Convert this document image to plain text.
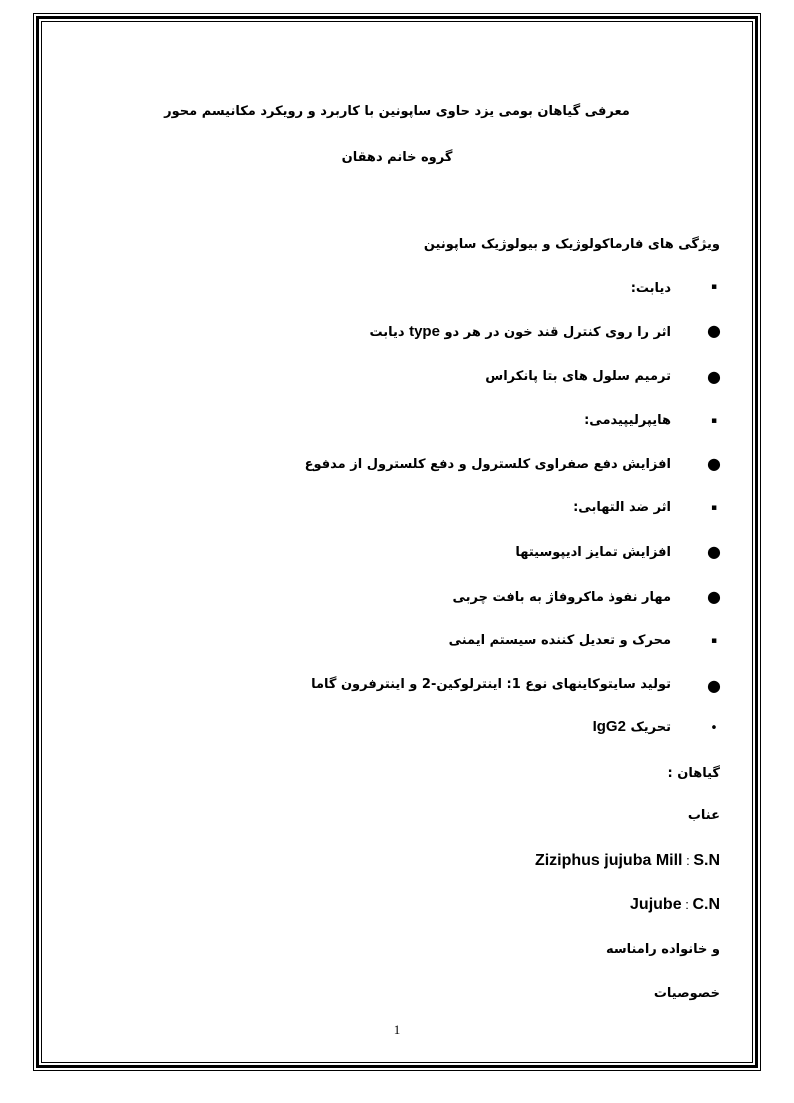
معرفی گیاهان بومی یزد حاوی ساپونین با کاربرد و رویکرد مکانیسم محور
گروه خانم دهقان
ویژگی های فارماکولوژیک و بیولوژیک ساپونین
▪
دیابت:
●
اثر را روی کنترل قند خون در هر دو type دیابت
●
ترمیم سلول های بتا پانکراس
▪
هایپرلیپیدمی:
●
افزایش دفع صفراوی کلسترول و دفع کلسترول از مدفوع
▪
اثر ضد التهابی:
●
افزایش تمایز ادیپوسیتها
●
مهار نفوذ ماکروفاژ به بافت چربی
▪
محرک و تعدیل کننده سیستم ایمنی
●
تولید سایتوکاینهای نوع 1: اینترلوکین-2 و اینترفرون گاما
•
تحریک IgG2
گیاهان :
عناب
Ziziphus jujuba Mill : S.N
Jujube : C.N
و خانواده رامناسه
خصوصیات
1
